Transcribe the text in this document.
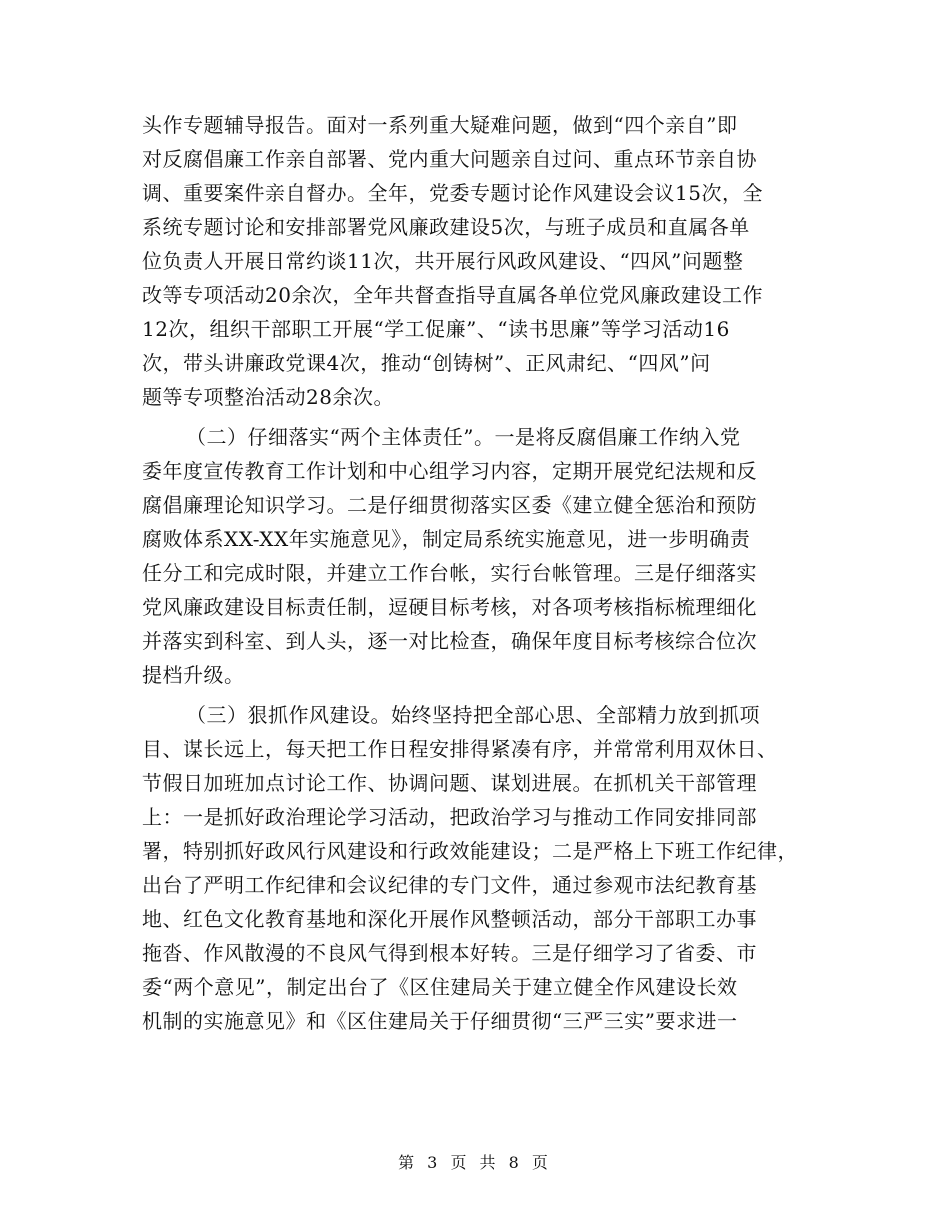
头作专题辅导报告。面对一系列重大疑难问题，做到“四个亲自”即
对反腐倡廉工作亲自部署、党内重大问题亲自过问、重点环节亲自协
调、重要案件亲自督办。全年，党委专题讨论作风建设会议15次，全
系统专题讨论和安排部署党风廉政建设5次，与班子成员和直属各单
位负责人开展日常约谈11次，共开展行风政风建设、“四风”问题整
改等专项活动20余次，全年共督查指导直属各单位党风廉政建设工作
12次，组织干部职工开展“学工促廉”、“读书思廉”等学习活动16
次，带头讲廉政党课4次，推动“创铸树”、正风肃纪、“四风”问
题等专项整治活动28余次。
（二）仔细落实“两个主体责任”。一是将反腐倡廉工作纳入党
委年度宣传教育工作计划和中心组学习内容，定期开展党纪法规和反
腐倡廉理论知识学习。二是仔细贯彻落实区委《建立健全惩治和预防
腐败体系XX-XX年实施意见》，制定局系统实施意见，进一步明确责
任分工和完成时限，并建立工作台帐，实行台帐管理。三是仔细落实
党风廉政建设目标责任制，逗硬目标考核，对各项考核指标梳理细化
并落实到科室、到人头，逐一对比检查，确保年度目标考核综合位次
提档升级。
（三）狠抓作风建设。始终坚持把全部心思、全部精力放到抓项
目、谋长远上，每天把工作日程安排得紧凑有序，并常常利用双休日、
节假日加班加点讨论工作、协调问题、谋划进展。在抓机关干部管理
上：一是抓好政治理论学习活动，把政治学习与推动工作同安排同部
署，特别抓好政风行风建设和行政效能建设；二是严格上下班工作纪律，
出台了严明工作纪律和会议纪律的专门文件，通过参观市法纪教育基
地、红色文化教育基地和深化开展作风整顿活动，部分干部职工办事
拖沓、作风散漫的不良风气得到根本好转。三是仔细学习了省委、市
委“两个意见”，制定出台了《区住建局关于建立健全作风建设长效
机制的实施意见》和《区住建局关于仔细贯彻“三严三实”要求进一
第 3 页 共 8 页
